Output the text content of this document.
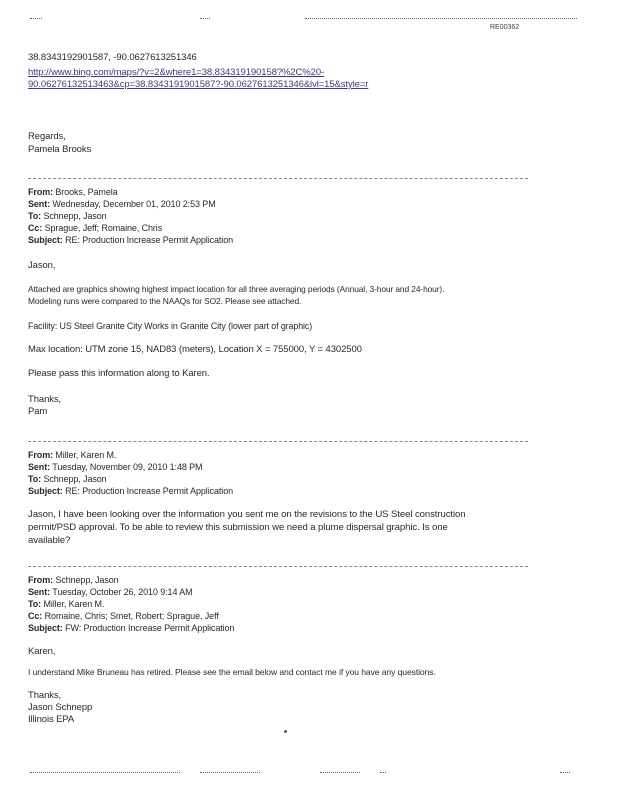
RE00362
38.8343192901587, -90.0627613251346
http://www.bing.com/maps/?v=2&where1=38.834319190158?%2C%20-
90.06276132513463&cp=38.8343191901587?-90.0627613251346&lvl=15&style=r
Regards,
Pamela Brooks
From: Brooks, Pamela
Sent: Wednesday, December 01, 2010 2:53 PM
To: Schnepp, Jason
Cc: Sprague, Jeff; Romaine, Chris
Subject: RE: Production Increase Permit Application
Jason,
Attached are graphics showing highest impact location for all three averaging periods (Annual, 3-hour and 24-hour).
Modeling runs were compared to the NAAQs for SO2. Please see attached.
Facility: US Steel Granite City Works in Granite City (lower part of graphic)
Max location: UTM zone 15, NAD83 (meters), Location X = 755000, Y = 4302500
Please pass this information along to Karen.
Thanks,
Pam
From: Miller, Karen M.
Sent: Tuesday, November 09, 2010 1:48 PM
To: Schnepp, Jason
Subject: RE: Production Increase Permit Application
Jason, I have been looking over the information you sent me on the revisions to the US Steel construction
permit/PSD approval. To be able to review this submission we need a plume dispersal graphic. Is one
available?
From: Schnepp, Jason
Sent: Tuesday, October 26, 2010 9:14 AM
To: Miller, Karen M.
Cc: Romaine, Chris; Smet, Robert; Sprague, Jeff
Subject: FW: Production Increase Permit Application
Karen,
I understand Mike Bruneau has retired. Please see the email below and contact me if you have any questions.
Thanks,
Jason Schnepp
Illinois EPA
